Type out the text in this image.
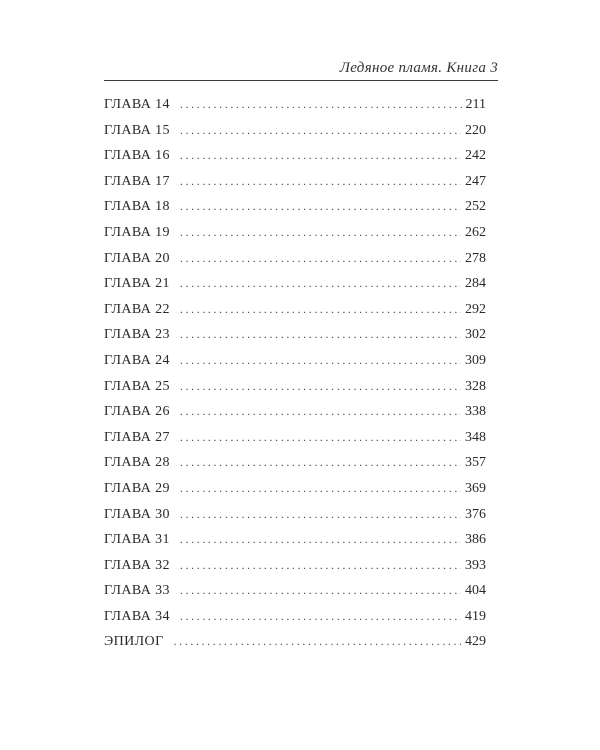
Ледяное пламя. Книга 3
ГЛАВА 14 .....	211
ГЛАВА 15 .....	220
ГЛАВА 16 .....	242
ГЛАВА 17 .....	247
ГЛАВА 18 .....	252
ГЛАВА 19 .....	262
ГЛАВА 20 .....	278
ГЛАВА 21 .....	284
ГЛАВА 22 .....	292
ГЛАВА 23 .....	302
ГЛАВА 24 .....	309
ГЛАВА 25 .....	328
ГЛАВА 26 .....	338
ГЛАВА 27 .....	348
ГЛАВА 28 .....	357
ГЛАВА 29 .....	369
ГЛАВА 30 .....	376
ГЛАВА 31 .....	386
ГЛАВА 32 .....	393
ГЛАВА 33 .....	404
ГЛАВА 34 .....	419
ЭПИЛОГ .....	429
